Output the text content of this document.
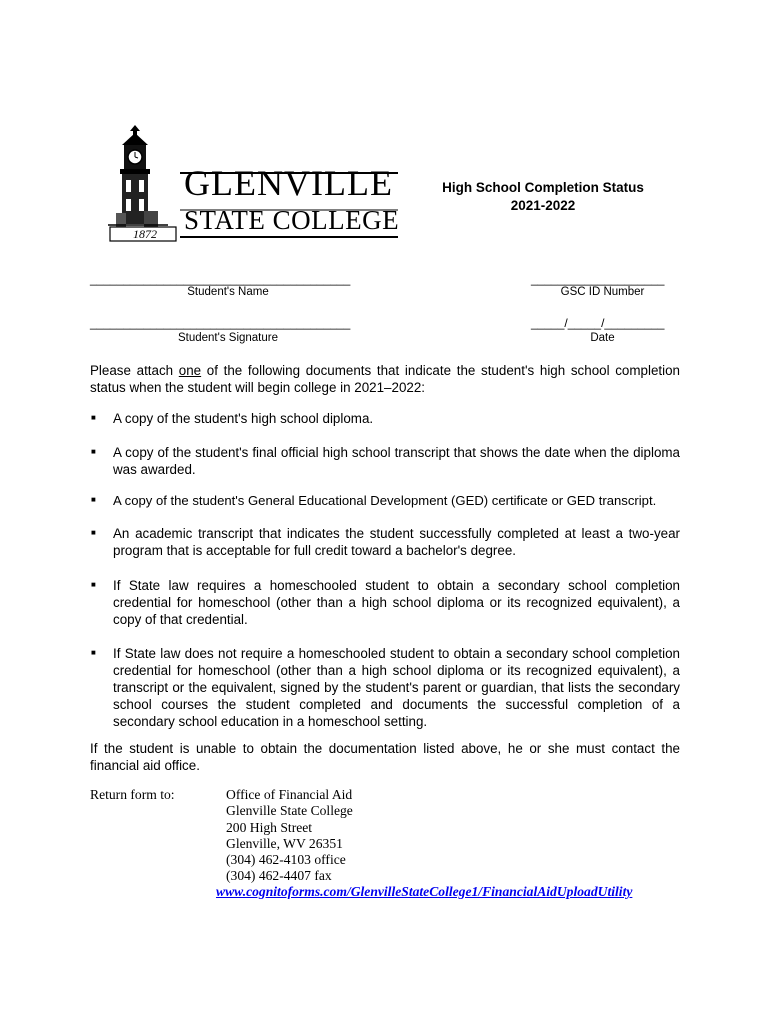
GLENVILLE
STATE COLLEGE
1872
High School Completion Status
2021-2022
_______________________________________
Student's Name
____________________
GSC ID Number
_______________________________________
Student's Signature
_____/_____/_________
Date
Please attach one of the following documents that indicate the student's high school completion status when the student will begin college in 2021–2022:
■ A copy of the student's high school diploma.
■ A copy of the student's final official high school transcript that shows the date when the diploma was awarded.
■ A copy of the student's General Educational Development (GED) certificate or GED transcript.
■ An academic transcript that indicates the student successfully completed at least a two-year program that is acceptable for full credit toward a bachelor's degree.
■ If State law requires a homeschooled student to obtain a secondary school completion credential for homeschool (other than a high school diploma or its recognized equivalent), a copy of that credential.
■ If State law does not require a homeschooled student to obtain a secondary school completion credential for homeschool (other than a high school diploma or its recognized equivalent), a transcript or the equivalent, signed by the student's parent or guardian, that lists the secondary school courses the student completed and documents the successful completion of a secondary school education in a homeschool setting.
If the student is unable to obtain the documentation listed above, he or she must contact the financial aid office.
Return form to:	Office of Financial Aid
Glenville State College
200 High Street
Glenville, WV 26351
(304) 462-4103 office
(304) 462-4407 fax
www.cognitoforms.com/GlenvilleStateCollege1/FinancialAidUploadUtility
